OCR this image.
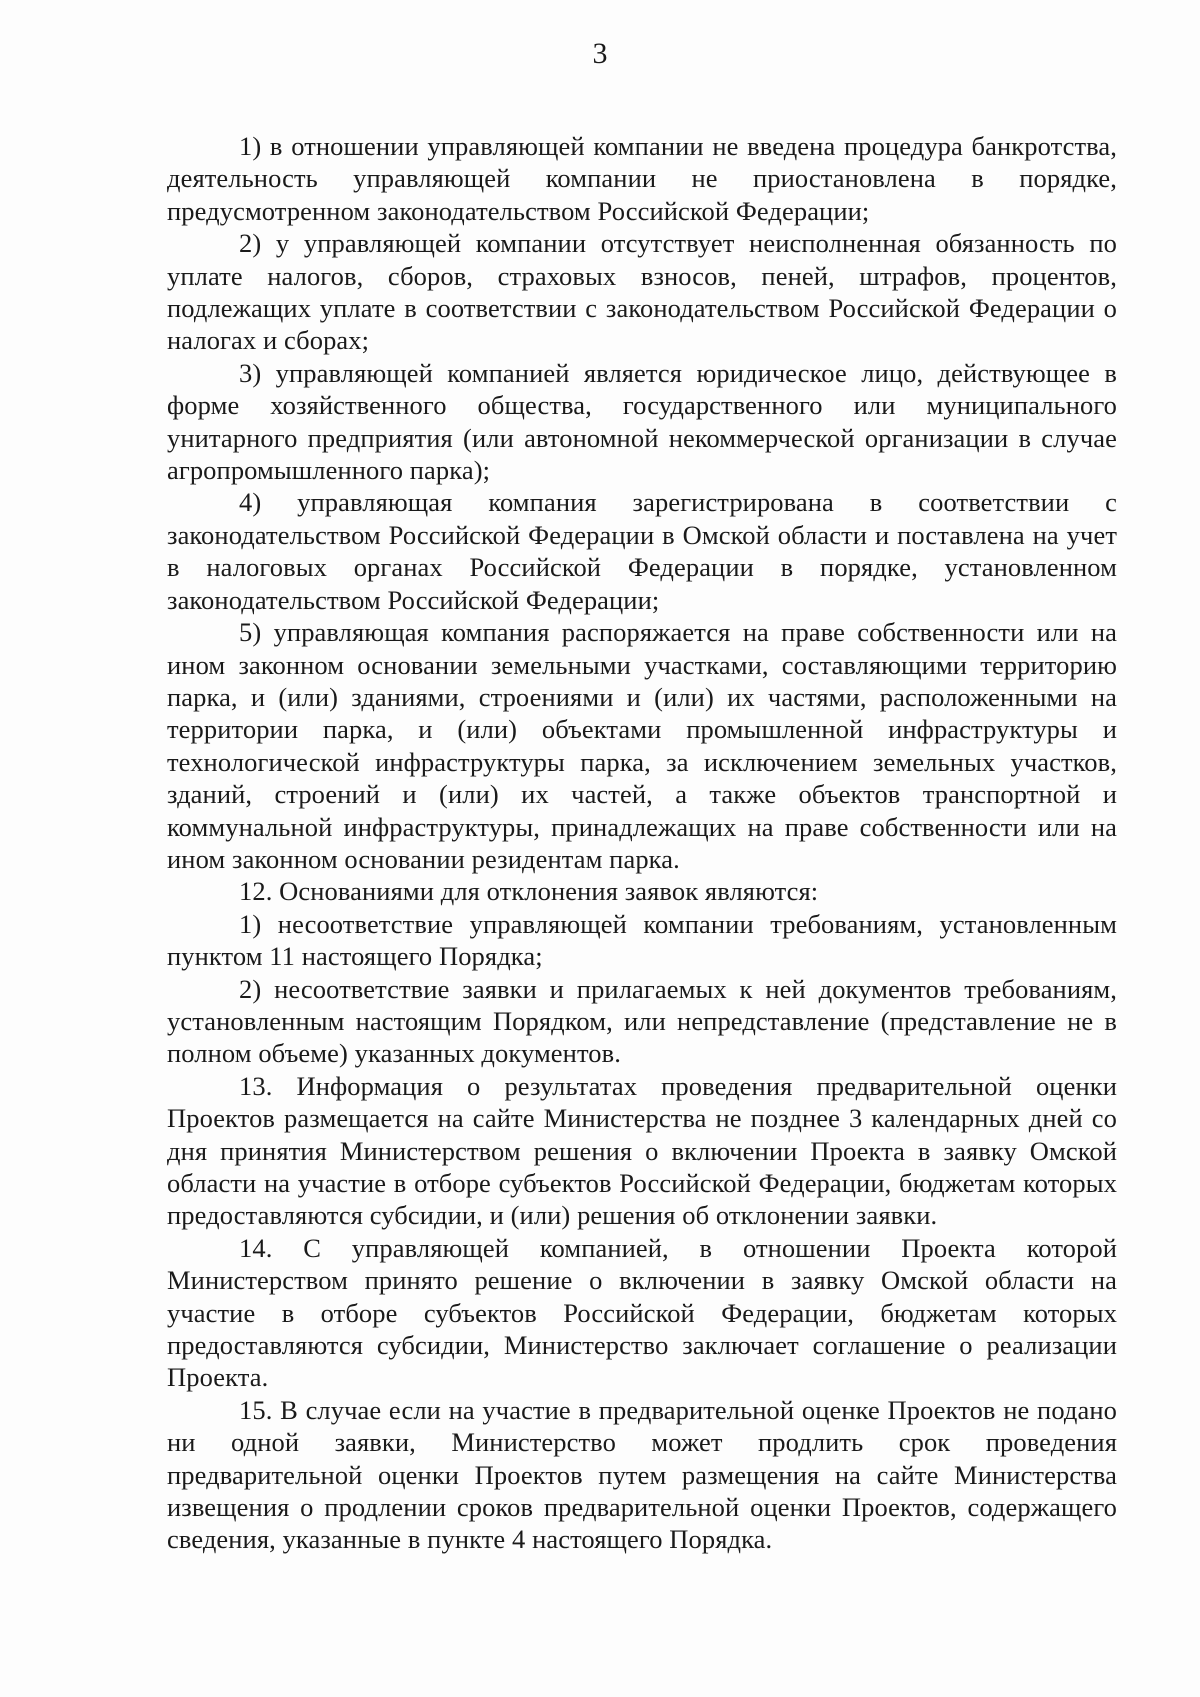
3

1) в отношении управляющей компании не введена процедура банкротства, деятельность управляющей компании не приостановлена в порядке, предусмотренном законодательством Российской Федерации;

2) у управляющей компании отсутствует неисполненная обязанность по уплате налогов, сборов, страховых взносов, пеней, штрафов, процентов, подлежащих уплате в соответствии с законодательством Российской Федерации о налогах и сборах;

3) управляющей компанией является юридическое лицо, действующее в форме хозяйственного общества, государственного или муниципального унитарного предприятия (или автономной некоммерческой организации в случае агропромышленного парка);

4) управляющая компания зарегистрирована в соответствии с законодательством Российской Федерации в Омской области и поставлена на учет в налоговых органах Российской Федерации в порядке, установленном законодательством Российской Федерации;

5) управляющая компания распоряжается на праве собственности или на ином законном основании земельными участками, составляющими территорию парка, и (или) зданиями, строениями и (или) их частями, расположенными на территории парка, и (или) объектами промышленной инфраструктуры и технологической инфраструктуры парка, за исключением земельных участков, зданий, строений и (или) их частей, а также объектов транспортной и коммунальной инфраструктуры, принадлежащих на праве собственности или на ином законном основании резидентам парка.

12. Основаниями для отклонения заявок являются:

1) несоответствие управляющей компании требованиям, установленным пунктом 11 настоящего Порядка;

2) несоответствие заявки и прилагаемых к ней документов требованиям, установленным настоящим Порядком, или непредставление (представление не в полном объеме) указанных документов.

13. Информация о результатах проведения предварительной оценки Проектов размещается на сайте Министерства не позднее 3 календарных дней со дня принятия Министерством решения о включении Проекта в заявку Омской области на участие в отборе субъектов Российской Федерации, бюджетам которых предоставляются субсидии, и (или) решения об отклонении заявки.

14. С управляющей компанией, в отношении Проекта которой Министерством принято решение о включении в заявку Омской области на участие в отборе субъектов Российской Федерации, бюджетам которых предоставляются субсидии, Министерство заключает соглашение о реализации Проекта.

15. В случае если на участие в предварительной оценке Проектов не подано ни одной заявки, Министерство может продлить срок проведения предварительной оценки Проектов путем размещения на сайте Министерства извещения о продлении сроков предварительной оценки Проектов, содержащего сведения, указанные в пункте 4 настоящего Порядка.
